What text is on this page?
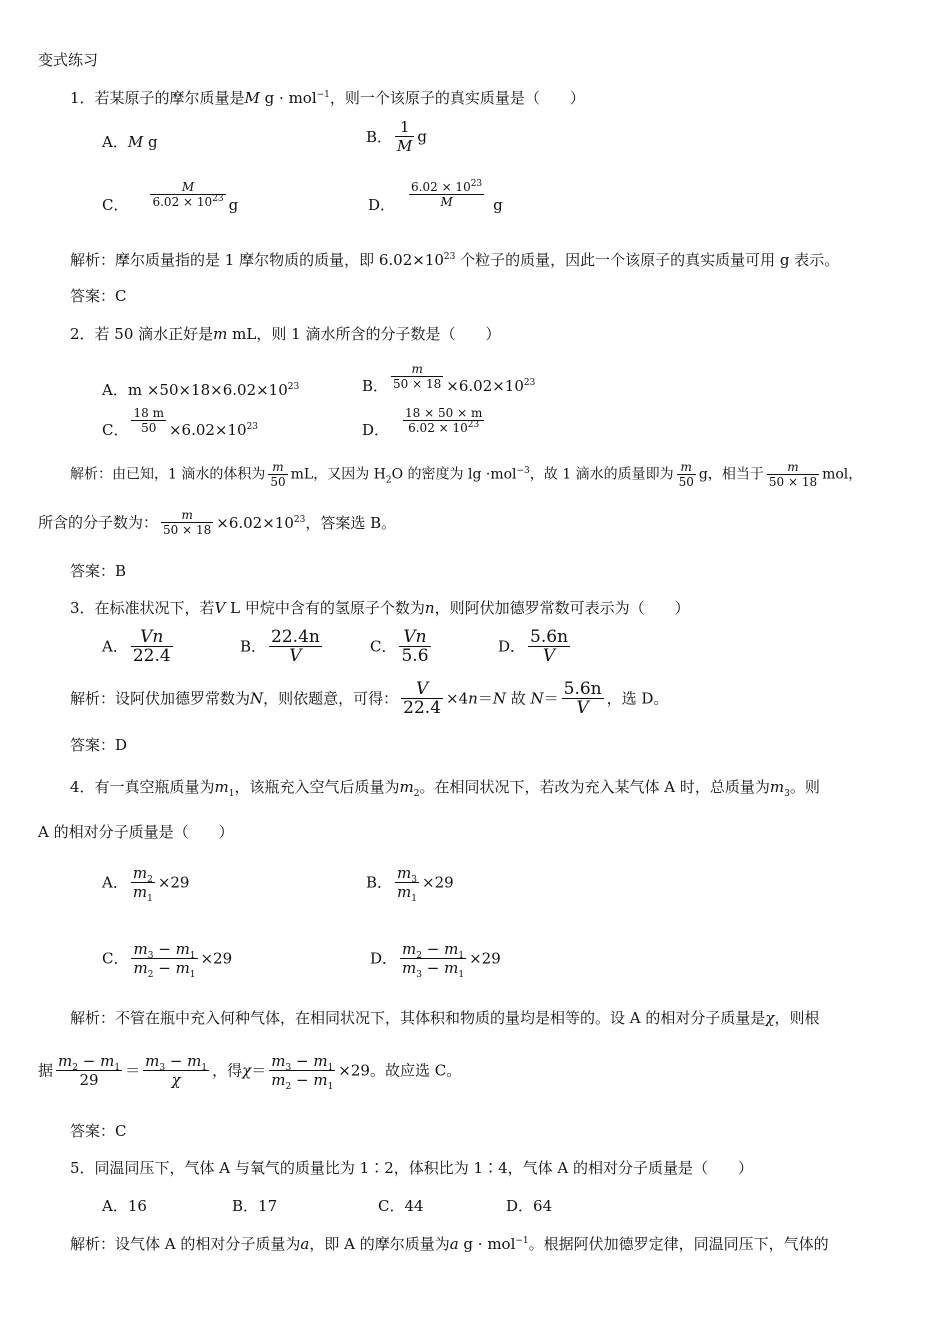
变式练习
1．若某原子的摩尔质量是M g · mol$^{-1}$，则一个该原子的真实质量是（　　）
A．M g	B． $\frac{1}{M}$ g
C． $\frac{M}{6.02 \times 10^{23}}$ g	D． $\frac{6.02 \times 10^{23}}{M}$ g
解析：摩尔质量指的是 1 摩尔物质的质量，即 $6.02\times 10^{23}$ 个粒子的质量，因此一个该原子的真实质量可用 g 表示。
答案：C
2．若 50 滴水正好是m mL，则 1 滴水所含的分子数是（　　）
A．$m \times 50\times 18\times 6.02\times 10^{23}$	B． $\frac{m}{50 \times 18} \times 6.02\times 10^{23}$
C． $\frac{18 m}{50} \times 6.02\times 10^{23}$	D． $\frac{18 \times 50 \times m}{6.02 \times 10^{23}}$
解析：由已知，1 滴水的体积为 $\frac{m}{50}$ mL，又因为 $H_2O$ 的密度为 lg ·mol$^{-3}$，故 1 滴水的质量即为 $\frac{m}{50}$ g，相当于 $\frac{m}{50 \times 18}$ mol，
所含的分子数为： $\frac{m}{50 \times 18} \times 6.02\times 10^{23}$，答案选 B。
答案：B
3．在标准状况下，若V L 甲烷中含有的氢原子个数为n，则阿伏加德罗常数可表示为（　　）
A． $\frac{Vn}{22.4}$	B． $\frac{22.4n}{V}$	C． $\frac{Vn}{5.6}$	D． $\frac{5.6n}{V}$
解析：设阿伏加德罗常数为N，则依题意，可得： $\frac{V}{22.4} \times 4n=N$ 故 $N= \frac{5.6n}{V}$ ，选 D。
答案：D
4．有一真空瓶质量为$m_1$，该瓶充入空气后质量为$m_2$。在相同状况下，若改为充入某气体 A 时，总质量为$m_3$。则
A 的相对分子质量是（　　）
A． $\frac{m_2}{m_1} \times 29$	B． $\frac{m_3}{m_1} \times 29$
C． $\frac{m_3 - m_1}{m_2 - m_1} \times 29$	D． $\frac{m_2 - m_1}{m_3 - m_1} \times 29$
解析：不管在瓶中充入何种气体，在相同状况下，其体积和物质的量均是相等的。设 A 的相对分子质量是χ，则根
据 $\frac{m_2 - m_1}{29} = \frac{m_3 - m_1}{\chi}$ ，得$\chi= \frac{m_3 - m_1}{m_2 - m_1} \times 29$。故应选 C。
答案：C
5．同温同压下，气体 A 与氧气的质量比为 1∶2，体积比为 1∶4，气体 A 的相对分子质量是（　　）
A．16	B．17	C．44	D．64
解析：设气体 A 的相对分子质量为a，即 A 的摩尔质量为a g · mol$^{-1}$。根据阿伏加德罗定律，同温同压下，气体的
